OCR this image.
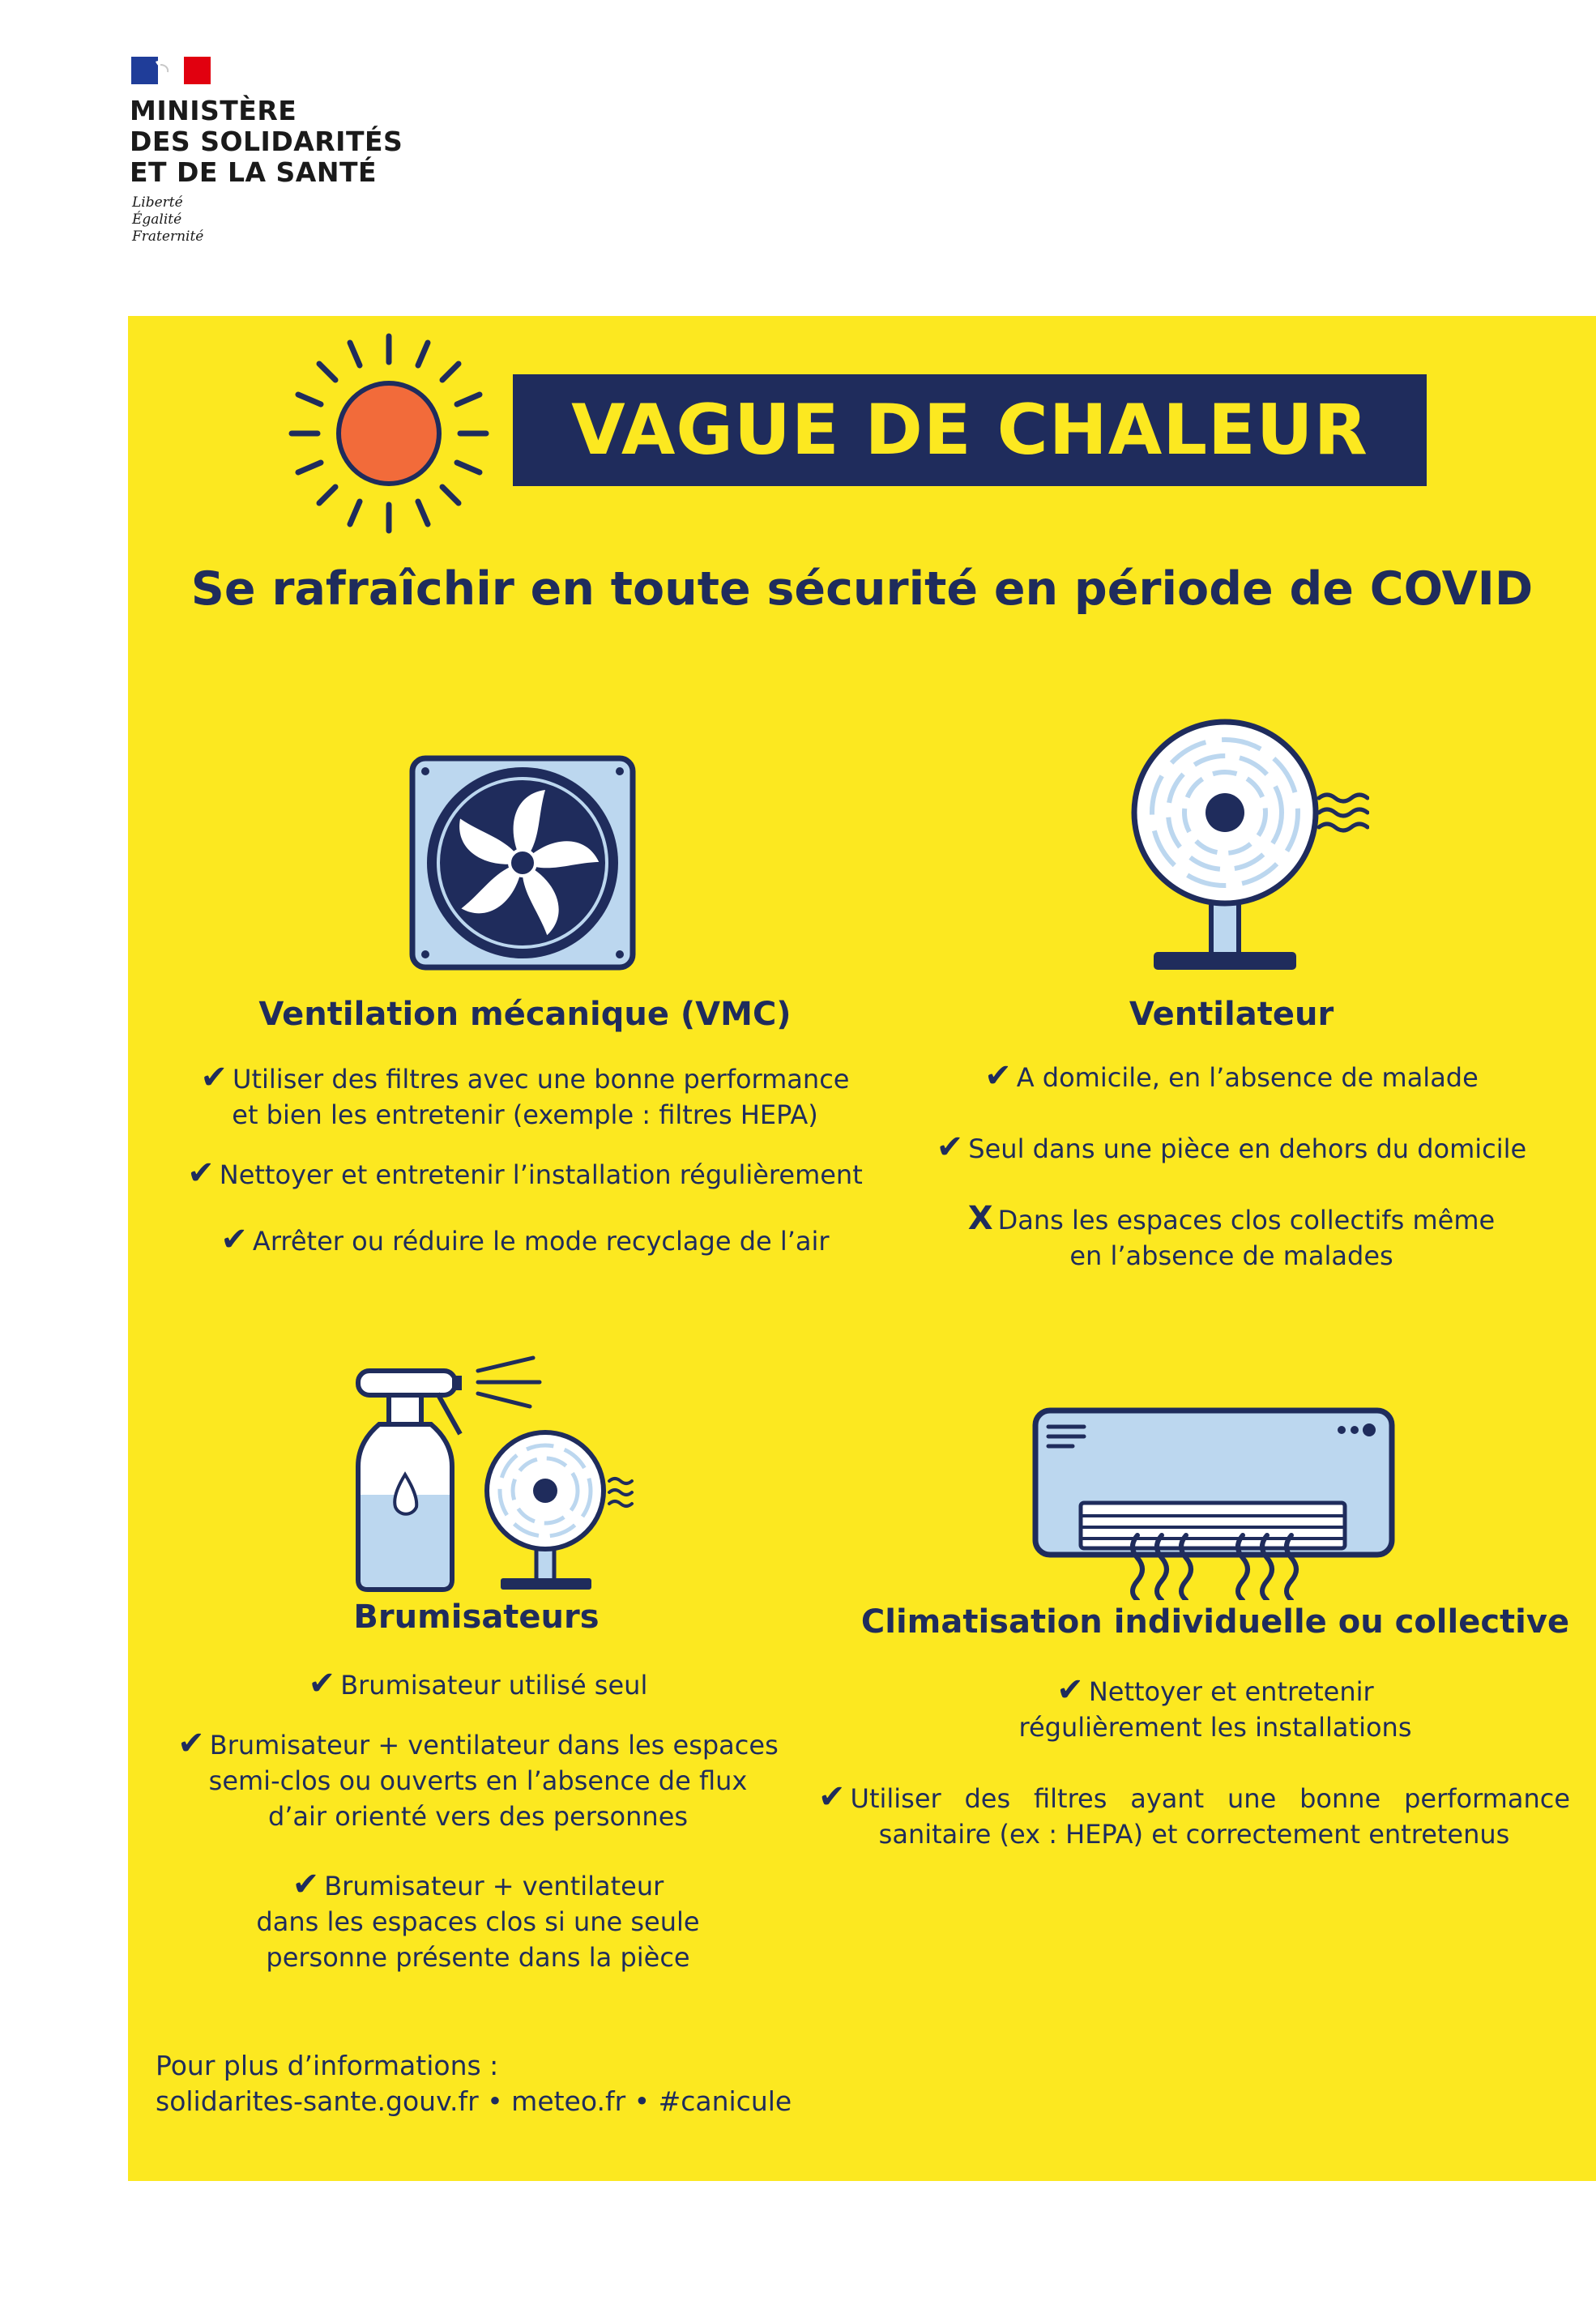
MINISTÈRE
DES SOLIDARITÉS
ET DE LA SANTÉ
Liberté
Égalité
Fraternité
VAGUE DE CHALEUR
Se rafraîchir en toute sécurité en période de COVID
Ventilation mécanique (VMC)
✔ Utiliser des filtres avec une bonne performance
et bien les entretenir (exemple : filtres HEPA)
✔ Nettoyer et entretenir l’installation régulièrement
✔ Arrêter ou réduire le mode recyclage de l’air
Ventilateur
✔ A domicile, en l’absence de malade
✔ Seul dans une pièce en dehors du domicile
X Dans les espaces clos collectifs même
en l’absence de malades
Brumisateurs
✔ Brumisateur utilisé seul
✔ Brumisateur + ventilateur dans les espaces
semi-clos ou ouverts en l’absence de flux
d’air orienté vers des personnes
✔ Brumisateur + ventilateur
dans les espaces clos si une seule
personne présente dans la pièce
Climatisation individuelle ou collective
✔ Nettoyer et entretenir
régulièrement les installations
✔ Utiliser des filtres ayant une bonne performance
sanitaire (ex : HEPA) et correctement entretenus
Pour plus d’informations :
solidarites-sante.gouv.fr • meteo.fr • #canicule
